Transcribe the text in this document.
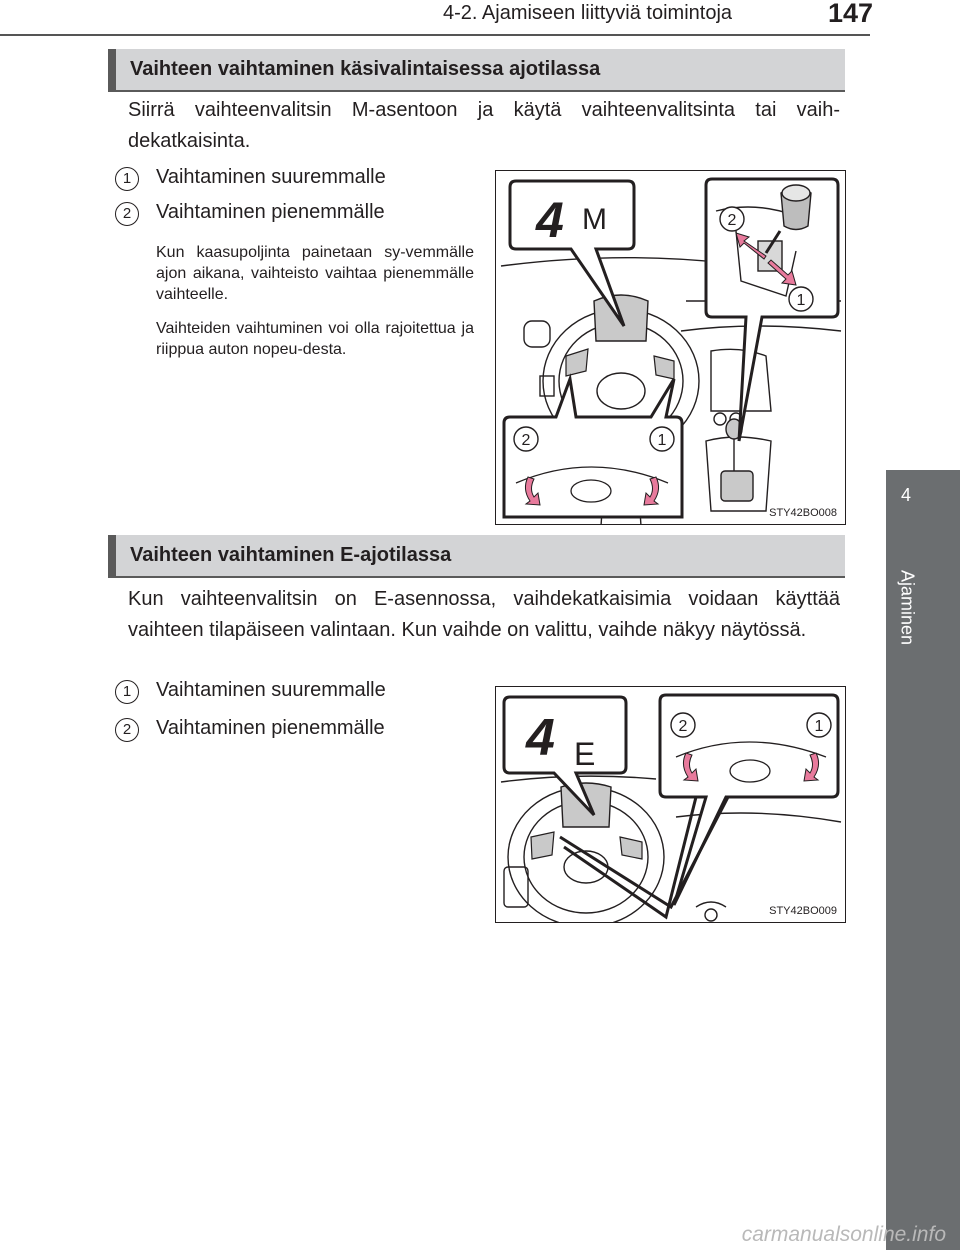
4-2. Ajamiseen liittyviä toimintoja	147
4
Ajaminen
Vaihteen vaihtaminen käsivalintaisessa ajotilassa
Siirrä vaihteenvalitsin M-asentoon ja käytä vaihteenvalitsinta tai vaih-dekatkaisinta.
1	Vaihtaminen suuremmalle
2	Vaihtaminen pienemmälle
Kun kaasupoljinta painetaan sy-vemmälle ajon aikana, vaihteisto vaihtaa pienemmälle vaihteelle.
Vaihteiden vaihtuminen voi olla rajoitettua ja riippua auton nopeu-desta.
4 M	2
1
2	1
STY42BO008
Vaihteen vaihtaminen E-ajotilassa
Kun vaihteenvalitsin on E-asennossa, vaihdekatkaisimia voidaan käyttää vaihteen tilapäiseen valintaan. Kun vaihde on valittu, vaihde näkyy näytössä.
1	Vaihtaminen suuremmalle
2	Vaihtaminen pienemmälle	4 E
2	1
STY42BO009
carmanualsonline.info
